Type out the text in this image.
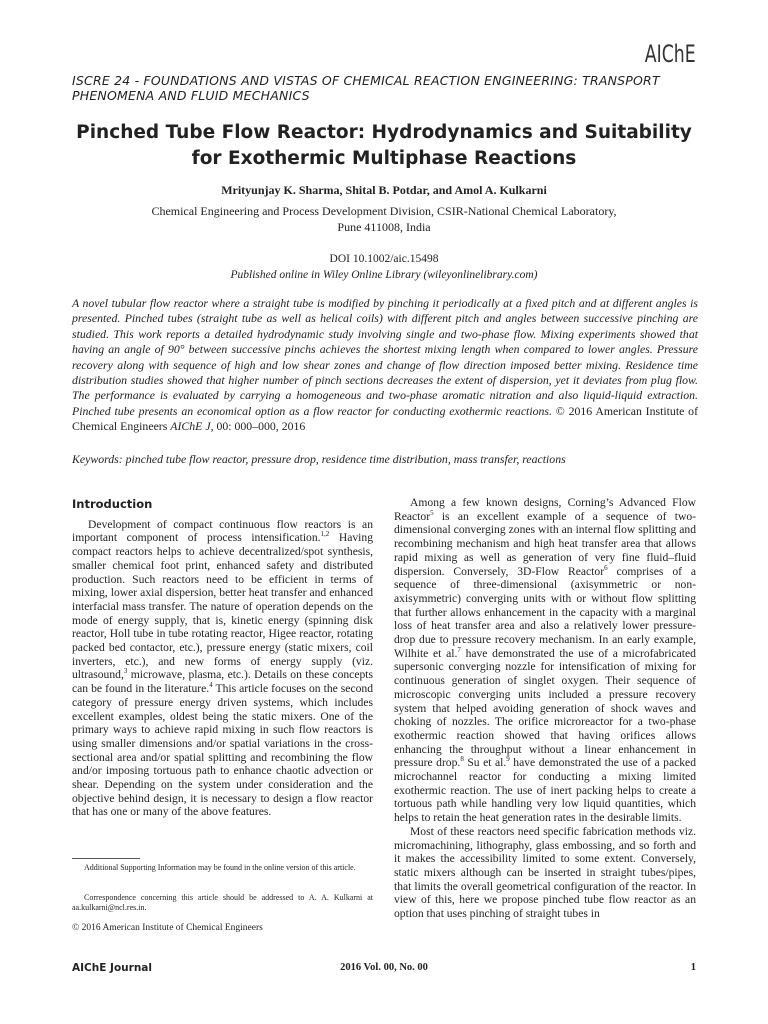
AIChE
ISCRE 24 - FOUNDATIONS AND VISTAS OF CHEMICAL REACTION ENGINEERING: TRANSPORT PHENOMENA AND FLUID MECHANICS
Pinched Tube Flow Reactor: Hydrodynamics and Suitability for Exothermic Multiphase Reactions
Mrityunjay K. Sharma, Shital B. Potdar, and Amol A. Kulkarni
Chemical Engineering and Process Development Division, CSIR-National Chemical Laboratory,
Pune 411008, India
DOI 10.1002/aic.15498
Published online in Wiley Online Library (wileyonlinelibrary.com)
A novel tubular flow reactor where a straight tube is modified by pinching it periodically at a fixed pitch and at different angles is presented. Pinched tubes (straight tube as well as helical coils) with different pitch and angles between successive pinching are studied. This work reports a detailed hydrodynamic study involving single and two-phase flow. Mixing experiments showed that having an angle of 90° between successive pinchs achieves the shortest mixing length when compared to lower angles. Pressure recovery along with sequence of high and low shear zones and change of flow direction imposed better mixing. Residence time distribution studies showed that higher number of pinch sections decreases the extent of dispersion, yet it deviates from plug flow. The performance is evaluated by carrying a homogeneous and two-phase aromatic nitration and also liquid-liquid extraction. Pinched tube presents an economical option as a flow reactor for conducting exothermic reactions. © 2016 American Institute of Chemical Engineers AIChE J, 00: 000–000, 2016
Keywords: pinched tube flow reactor, pressure drop, residence time distribution, mass transfer, reactions
Introduction

Development of compact continuous flow reactors is an important component of process intensification.$^{1,2}$ Having compact reactors helps to achieve decentralized/spot synthesis, smaller chemical foot print, enhanced safety and distributed production. Such reactors need to be efficient in terms of mixing, lower axial dispersion, better heat transfer and enhanced interfacial mass transfer. The nature of operation depends on the mode of energy supply, that is, kinetic energy (spinning disk reactor, Holl tube in tube rotating reactor, Higee reactor, rotating packed bed contactor, etc.), pressure energy (static mixers, coil inverters, etc.), and new forms of energy supply (viz. ultrasound,$^3$ microwave, plasma, etc.). Details on these concepts can be found in the literature.$^4$ This article focuses on the second category of pressure energy driven systems, which includes excellent examples, oldest being the static mixers. One of the primary ways to achieve rapid mixing in such flow reactors is using smaller dimensions and/or spatial variations in the cross-sectional area and/or spatial splitting and recombining the flow and/or imposing tortuous path to enhance chaotic advection or shear. Depending on the system under consideration and the objective behind design, it is necessary to design a flow reactor that has one or many of the above features.

Among a few known designs, Corning’s Advanced Flow Reactor$^5$ is an excellent example of a sequence of two-dimensional converging zones with an internal flow splitting and recombining mechanism and high heat transfer area that allows rapid mixing as well as generation of very fine fluid–fluid dispersion. Conversely, 3D-Flow Reactor$^6$ comprises of a sequence of three-dimensional (axisymmetric or non-axisymmetric) converging units with or without flow splitting that further allows enhancement in the capacity with a marginal loss of heat transfer area and also a relatively lower pressure-drop due to pressure recovery mechanism. In an early example, Wilhite et al.$^7$ have demonstrated the use of a microfabricated supersonic converging nozzle for intensification of mixing for continuous generation of singlet oxygen. Their sequence of microscopic converging units included a pressure recovery system that helped avoiding generation of shock waves and choking of nozzles. The orifice microreactor for a two-phase exothermic reaction showed that having orifices allows enhancing the throughput without a linear enhancement in pressure drop.$^8$ Su et al.$^9$ have demonstrated the use of a packed microchannel reactor for conducting a mixing limited exothermic reaction. The use of inert packing helps to create a tortuous path while handling very low liquid quantities, which helps to retain the heat generation rates in the desirable limits.

Most of these reactors need specific fabrication methods viz. micromachining, lithography, glass embossing, and so forth and it makes the accessibility limited to some extent. Conversely, static mixers although can be inserted in straight tubes/pipes, that limits the overall geometrical configuration of the reactor. In view of this, here we propose pinched tube flow reactor as an option that uses pinching of straight tubes in

Additional Supporting Information may be found in the online version of this article.
Correspondence concerning this article should be addressed to A. A. Kulkarni at aa.kulkarni@ncl.res.in.
© 2016 American Institute of Chemical Engineers
AIChE Journal	2016 Vol. 00, No. 00	1
